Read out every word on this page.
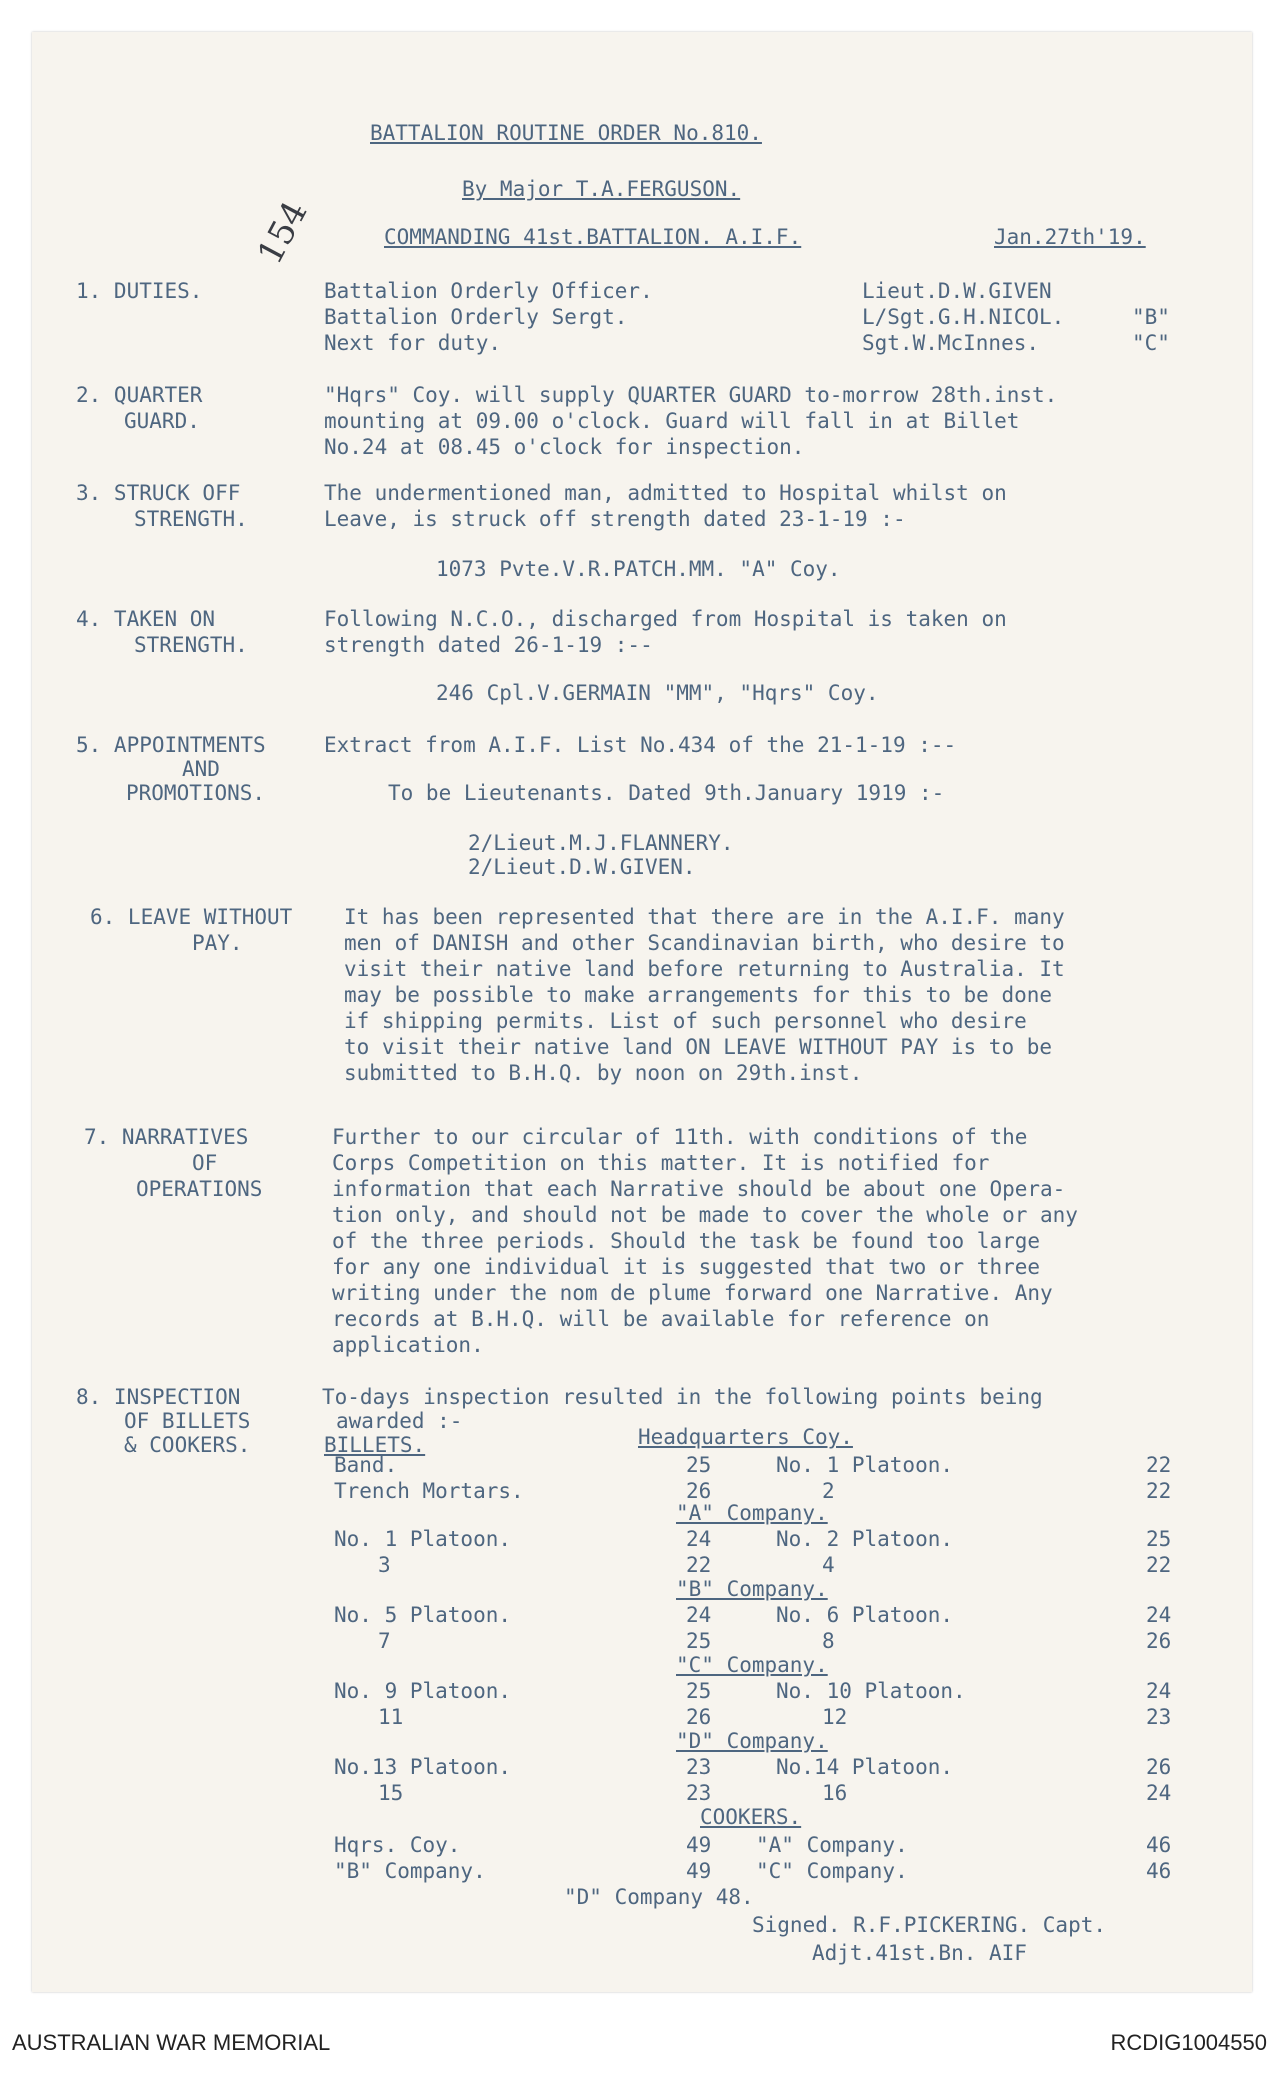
BATTALION ROUTINE ORDER No.810.
By Major T.A.FERGUSON.
COMMANDING 41st.BATTALION. A.I.F.	Jan.27th'19.
154
1. DUTIES.	Battalion Orderly Officer.	Lieut.D.W.GIVEN
Battalion Orderly Sergt.	L/Sgt.G.H.NICOL.	"B"
Next for duty.	Sgt.W.McInnes.	"C"
2. QUARTER
GUARD.
"Hqrs" Coy. will supply QUARTER GUARD to-morrow 28th.inst.
mounting at 09.00 o'clock. Guard will fall in at Billet
No.24 at 08.45 o'clock for inspection.
3. STRUCK OFF
STRENGTH.
The undermentioned man, admitted to Hospital whilst on
Leave, is struck off strength dated 23-1-19 :-
1073 Pvte.V.R.PATCH.MM. "A" Coy.
4. TAKEN ON
STRENGTH.
Following N.C.O., discharged from Hospital is taken on
strength dated 26-1-19 :--
246 Cpl.V.GERMAIN "MM", "Hqrs" Coy.
5. APPOINTMENTS
AND
PROMOTIONS.
Extract from A.I.F. List No.434 of the 21-1-19 :--
To be Lieutenants. Dated 9th.January 1919 :-
2/Lieut.M.J.FLANNERY.
2/Lieut.D.W.GIVEN.
6. LEAVE WITHOUT
PAY.
It has been represented that there are in the A.I.F. many
men of DANISH and other Scandinavian birth, who desire to
visit their native land before returning to Australia. It
may be possible to make arrangements for this to be done
if shipping permits. List of such personnel who desire
to visit their native land ON LEAVE WITHOUT PAY is to be
submitted to B.H.Q. by noon on 29th.inst.
7. NARRATIVES
OF
OPERATIONS
Further to our circular of 11th. with conditions of the
Corps Competition on this matter. It is notified for
information that each Narrative should be about one Opera-
tion only, and should not be made to cover the whole or any
of the three periods. Should the task be found too large
for any one individual it is suggested that two or three
writing under the nom de plume forward one Narrative. Any
records at B.H.Q. will be available for reference on
application.
8. INSPECTION
OF BILLETS
& COOKERS.
To-days inspection resulted in the following points being
awarded :-
BILLETS.	Headquarters Coy.
Band.	25	No. 1 Platoon.	22
Trench Mortars.	26	2	22
"A" Company.
No. 1 Platoon.	24	No. 2 Platoon.	25
3	22	4	22
"B" Company.
No. 5 Platoon.	24	No. 6 Platoon.	24
7	25	8	26
"C" Company.
No. 9 Platoon.	25	No. 10 Platoon.	24
11	26	12	23
"D" Company.
No.13 Platoon.	23	No.14 Platoon.	26
15	23	16	24
COOKERS.
Hqrs. Coy.	49 "A" Company.	46
"B" Company.	49 "C" Company.	46
"D" Company 48.
Signed. R.F.PICKERING. Capt.
Adjt.41st.Bn. AIF
AUSTRALIAN WAR MEMORIAL	RCDIG1004550
